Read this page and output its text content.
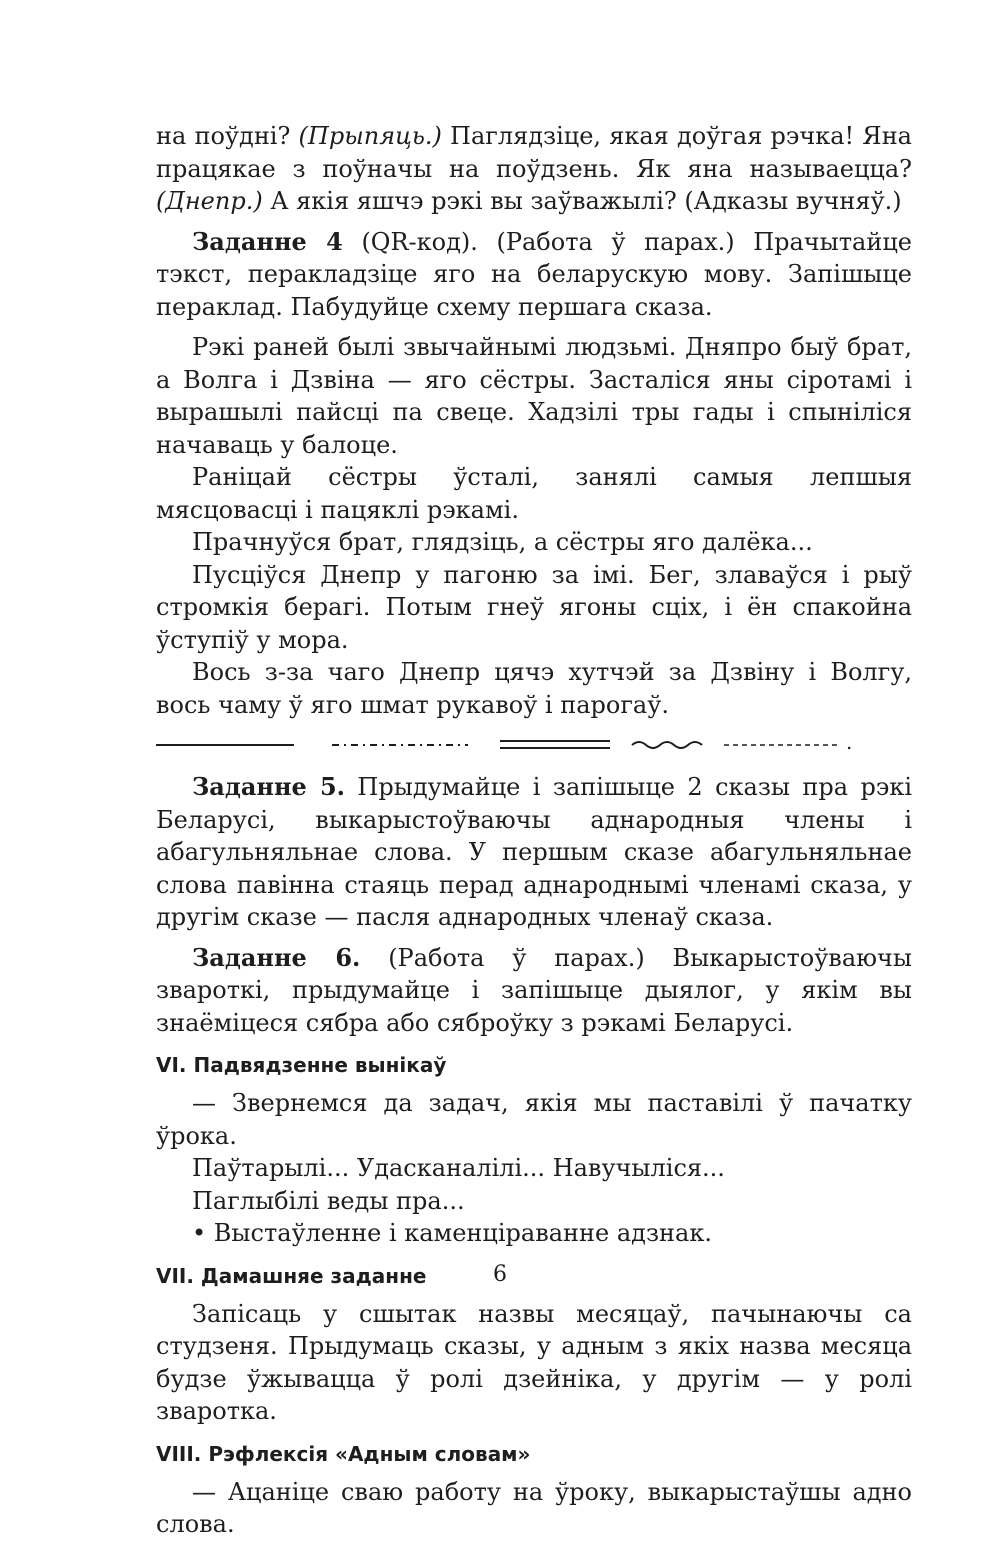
на поўдні? (Прыпяць.) Паглядзіце, якая доўгая рэчка! Яна працякае з поўначы на поўдзень. Як яна называецца? (Днепр.) А якія яшчэ рэкі вы заўважылі? (Адказы вучняў.)

Заданне 4 (QR-код). (Работа ў парах.) Прачытайце тэкст, перакладзіце яго на беларускую мову. Запішыце пераклад. Пабудуйце схему першага сказа.

Рэкі раней былі звычайнымі людзьмі. Дняпро быў брат, а Волга і Дзвіна — яго сёстры. Засталіся яны сіротамі і вырашылі пайсці па свеце. Хадзілі тры гады і спыніліся начаваць у балоце.

Раніцай сёстры ўсталі, занялі самыя лепшыя мясцовасці і пацяклі рэкамі.

Прачнуўся брат, глядзіць, а сёстры яго далёка...

Пусціўся Днепр у пагоню за імі. Бег, злаваўся і рыў стромкія берагі. Потым гнеў ягоны сціх, і ён спакойна ўступіў у мора.

Вось з-за чаго Днепр цячэ хутчэй за Дзвіну і Волгу, вось чаму ў яго шмат рукавоў і парогаў.

.

Заданне 5. Прыдумайце і запішыце 2 сказы пра рэкі Беларусі, выкарыстоўваючы аднародныя члены і абагульняльнае слова. У першым сказе абагульняльнае слова павінна стаяць перад аднароднымі членамі сказа, у другім сказе — пасля аднародных членаў сказа.

Заданне 6. (Работа ў парах.) Выкарыстоўваючы звароткі, прыдумайце і запішыце дыялог, у якім вы знаёміцеся сябра або сяброўку з рэкамі Беларусі.

VI. Падвядзенне вынікаў

— Звернемся да задач, якія мы паставілі ў пачатку ўрока.

Паўтарылі... Удасканалілі... Навучыліся...

Паглыбілі веды пра...

• Выстаўленне і каменціраванне адзнак.

VII. Дамашняе заданне

Запісаць у сшытак назвы месяцаў, пачынаючы са студзеня. Прыдумаць сказы, у адным з якіх назва месяца будзе ўжывацца ў ролі дзейніка, у другім — у ролі зваротка.

VIII. Рэфлексія «Адным словам»

— Ацаніце сваю работу на ўроку, выкарыстаўшы адно слова.

6
